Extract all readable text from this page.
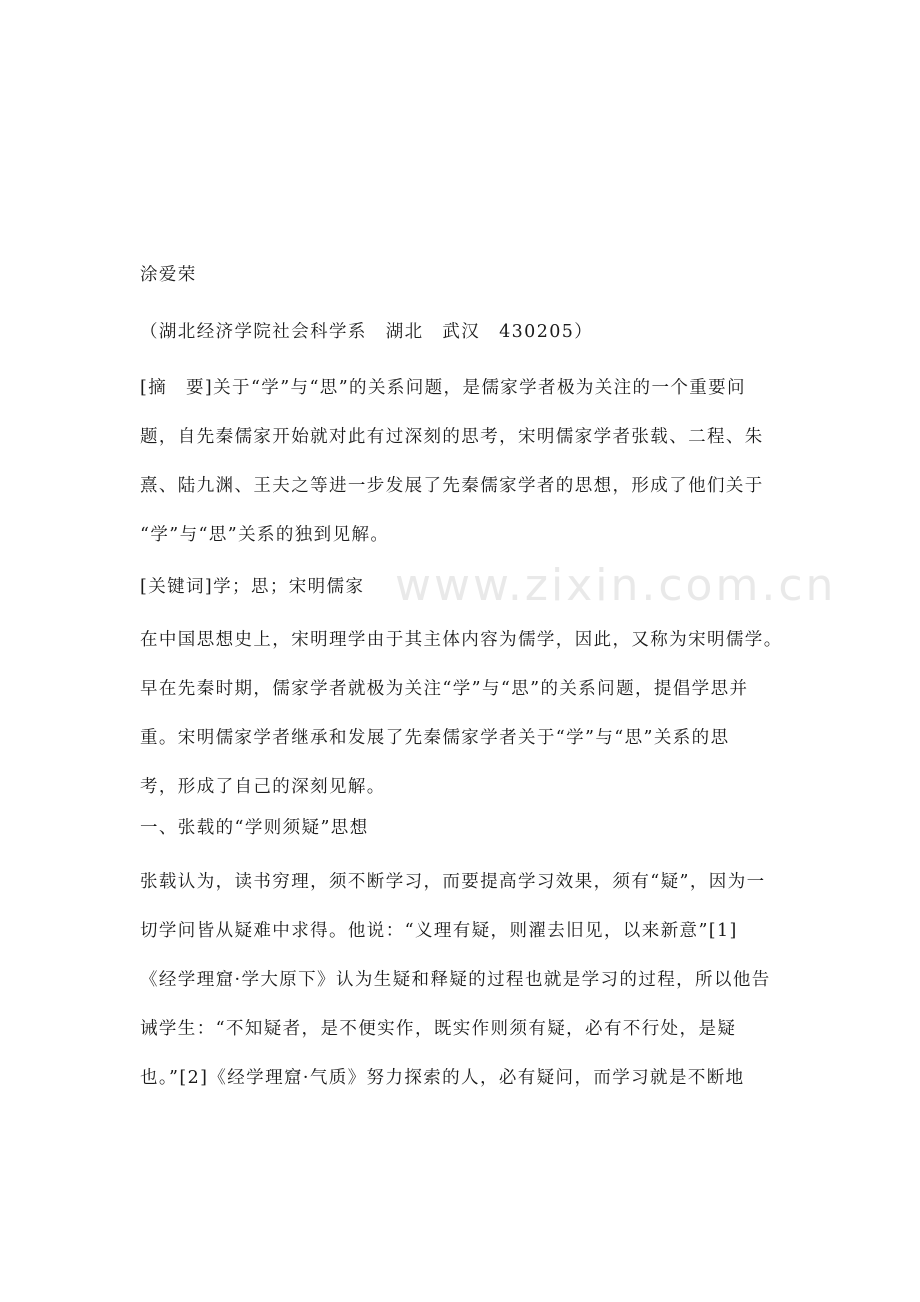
www.zixin.com.cn
涂爱荣
（湖北经济学院社会科学系　湖北　武汉　430205）
[摘　要]关于“学”与“思”的关系问题，是儒家学者极为关注的一个重要问
题，自先秦儒家开始就对此有过深刻的思考，宋明儒家学者张载、二程、朱
熹、陆九渊、王夫之等进一步发展了先秦儒家学者的思想，形成了他们关于
“学”与“思”关系的独到见解。
[关键词]学；思；宋明儒家
在中国思想史上，宋明理学由于其主体内容为儒学，因此，又称为宋明儒学。
早在先秦时期，儒家学者就极为关注“学”与“思”的关系问题，提倡学思并
重。宋明儒家学者继承和发展了先秦儒家学者关于“学”与“思”关系的思
考，形成了自己的深刻见解。
一、张载的“学则须疑”思想
张载认为，读书穷理，须不断学习，而要提高学习效果，须有“疑”，因为一
切学问皆从疑难中求得。他说：“义理有疑，则濯去旧见，以来新意”[1]
《经学理窟·学大原下》认为生疑和释疑的过程也就是学习的过程，所以他告
诫学生：“不知疑者，是不便实作，既实作则须有疑，必有不行处，是疑
也。”[2]《经学理窟·气质》努力探索的人，必有疑问，而学习就是不断地
